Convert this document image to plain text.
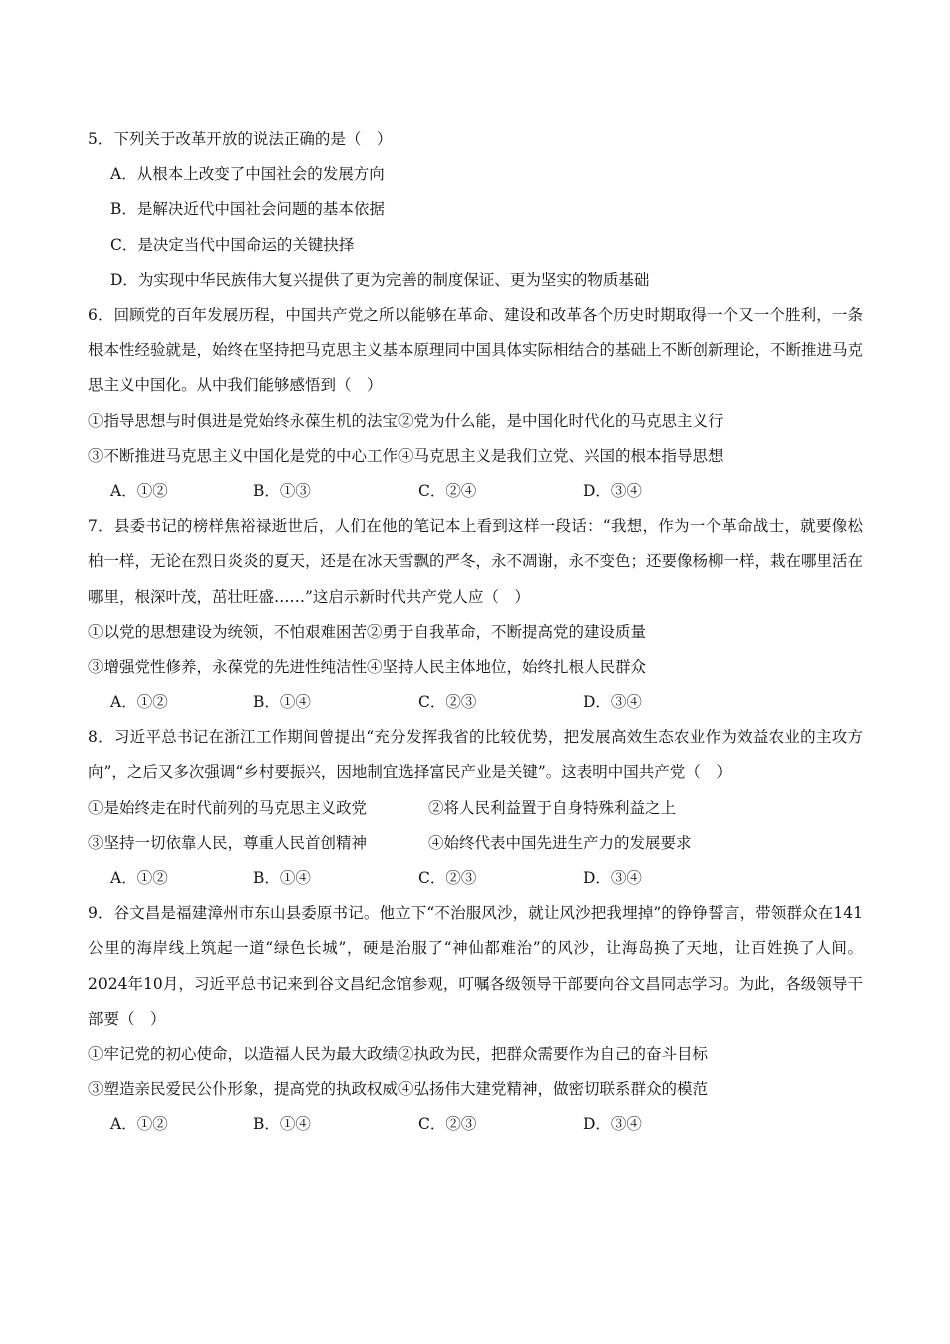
5．下列关于改革开放的说法正确的是（　）
A．从根本上改变了中国社会的发展方向
B．是解决近代中国社会问题的基本依据
C．是决定当代中国命运的关键抉择
D．为实现中华民族伟大复兴提供了更为完善的制度保证、更为坚实的物质基础
6．回顾党的百年发展历程，中国共产党之所以能够在革命、建设和改革各个历史时期取得一个又一个胜利，一条根本性经验就是，始终在坚持把马克思主义基本原理同中国具体实际相结合的基础上不断创新理论，不断推进马克思主义中国化。从中我们能够感悟到（　）
①指导思想与时俱进是党始终永葆生机的法宝②党为什么能，是中国化时代化的马克思主义行
③不断推进马克思主义中国化是党的中心工作④马克思主义是我们立党、兴国的根本指导思想
A．①②	B．①③	C．②④	D．③④
7．县委书记的榜样焦裕禄逝世后，人们在他的笔记本上看到这样一段话：“我想，作为一个革命战士，就要像松柏一样，无论在烈日炎炎的夏天，还是在冰天雪飘的严冬，永不凋谢，永不变色；还要像杨柳一样，栽在哪里活在哪里，根深叶茂，茁壮旺盛……”这启示新时代共产党人应（　）
①以党的思想建设为统领，不怕艰难困苦②勇于自我革命，不断提高党的建设质量
③增强党性修养，永葆党的先进性纯洁性④坚持人民主体地位，始终扎根人民群众
A．①②	B．①④	C．②③	D．③④
8．习近平总书记在浙江工作期间曾提出“充分发挥我省的比较优势，把发展高效生态农业作为效益农业的主攻方向”，之后又多次强调“乡村要振兴，因地制宜选择富民产业是关键”。这表明中国共产党（　）
①是始终走在时代前列的马克思主义政党	②将人民利益置于自身特殊利益之上
③坚持一切依靠人民，尊重人民首创精神	④始终代表中国先进生产力的发展要求
A．①②	B．①④	C．②③	D．③④
9．谷文昌是福建漳州市东山县委原书记。他立下“不治服风沙，就让风沙把我埋掉”的铮铮誓言，带领群众在141公里的海岸线上筑起一道“绿色长城”，硬是治服了“神仙都难治”的风沙，让海岛换了天地，让百姓换了人间。2024年10月，习近平总书记来到谷文昌纪念馆参观，叮嘱各级领导干部要向谷文昌同志学习。为此，各级领导干部要（　）
①牢记党的初心使命，以造福人民为最大政绩②执政为民，把群众需要作为自己的奋斗目标
③塑造亲民爱民公仆形象，提高党的执政权威④弘扬伟大建党精神，做密切联系群众的模范
A．①②	B．①④	C．②③	D．③④
